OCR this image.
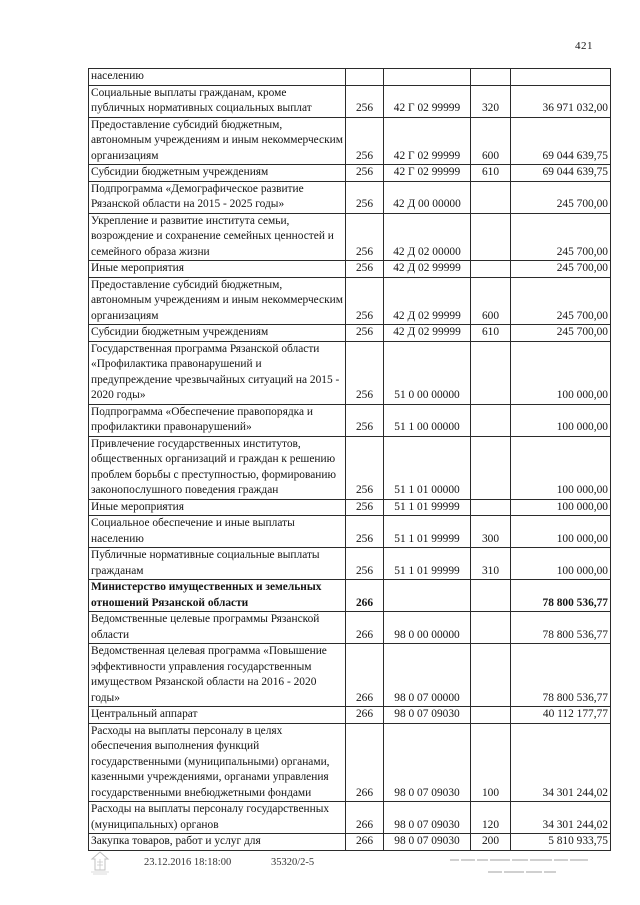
421
населению				
Социальные выплаты гражданам, кроме публичных нормативных социальных выплат	256	42 Г 02 99999	320	36 971 032,00
Предоставление субсидий бюджетным, автономным учреждениям и иным некоммерческим организациям	256	42 Г 02 99999	600	69 044 639,75
Субсидии бюджетным учреждениям	256	42 Г 02 99999	610	69 044 639,75
Подпрограмма «Демографическое развитие Рязанской области на 2015 - 2025 годы»	256	42 Д 00 00000		245 700,00
Укрепление и развитие института семьи, возрождение и сохранение семейных ценностей и семейного образа жизни	256	42 Д 02 00000		245 700,00
Иные мероприятия	256	42 Д 02 99999		245 700,00
Предоставление субсидий бюджетным, автономным учреждениям и иным некоммерческим организациям	256	42 Д 02 99999	600	245 700,00
Субсидии бюджетным учреждениям	256	42 Д 02 99999	610	245 700,00
Государственная программа Рязанской области «Профилактика правонарушений и предупреждение чрезвычайных ситуаций на 2015 - 2020 годы»	256	51 0 00 00000		100 000,00
Подпрограмма «Обеспечение правопорядка и профилактики правонарушений»	256	51 1 00 00000		100 000,00
Привлечение государственных институтов, общественных организаций и граждан к решению проблем борьбы с преступностью, формированию законопослушного поведения граждан	256	51 1 01 00000		100 000,00
Иные мероприятия	256	51 1 01 99999		100 000,00
Социальное обеспечение и иные выплаты населению	256	51 1 01 99999	300	100 000,00
Публичные нормативные социальные выплаты гражданам	256	51 1 01 99999	310	100 000,00
Министерство имущественных и земельных отношений Рязанской области	266			78 800 536,77
Ведомственные целевые программы Рязанской области	266	98 0 00 00000		78 800 536,77
Ведомственная целевая программа «Повышение эффективности управления государственным имуществом Рязанской области на 2016 - 2020 годы»	266	98 0 07 00000		78 800 536,77
Центральный аппарат	266	98 0 07 09030		40 112 177,77
Расходы на выплаты персоналу в целях обеспечения выполнения функций государственными (муниципальными) органами, казенными учреждениями, органами управления государственными внебюджетными фондами	266	98 0 07 09030	100	34 301 244,02
Расходы на выплаты персоналу государственных (муниципальных) органов	266	98 0 07 09030	120	34 301 244,02
Закупка товаров, работ и услуг для	266	98 0 07 09030	200	5 810 933,75
23.12.2016 18:18:00	35320/2-5
